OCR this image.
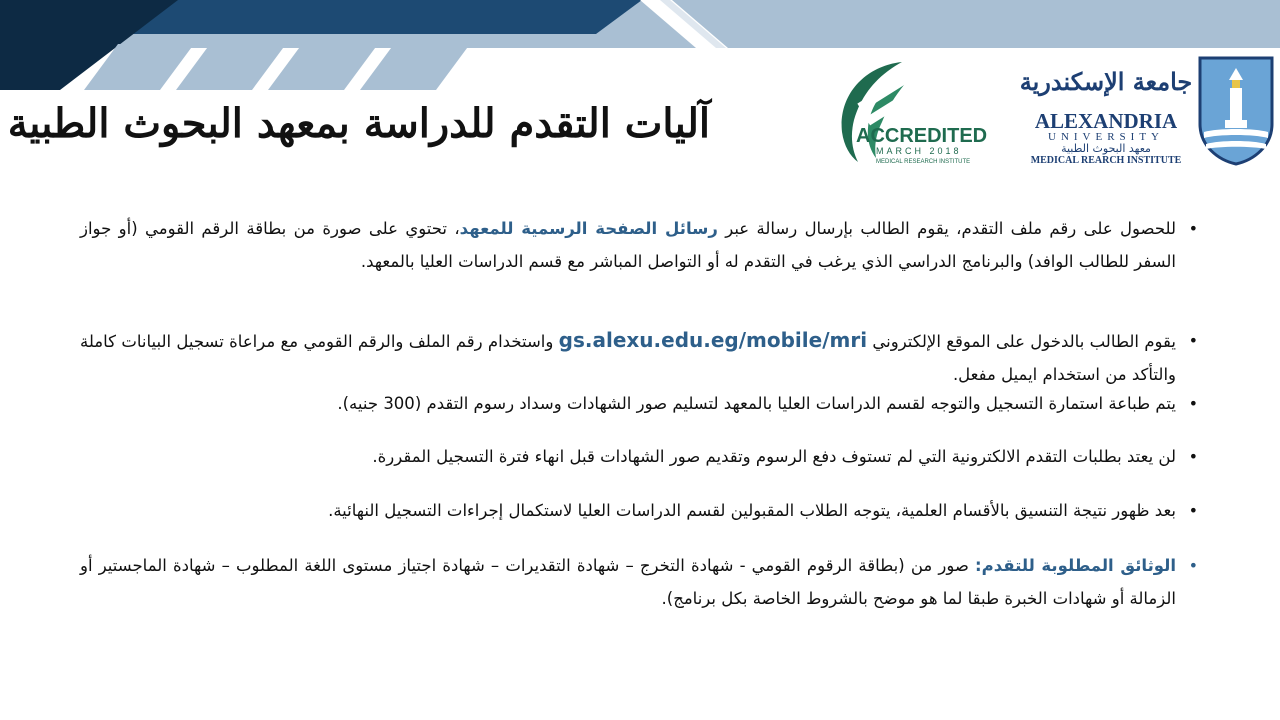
آليات التقدم للدراسة بمعهد البحوث الطبية	ACCREDITED
MARCH 2018
MEDICAL RESEARCH INSTITUTE
جامعة الإسكندرية
ALEXANDRIA
UNIVERSITY
معهد البحوث الطبية
MEDICAL REARCH INSTITUTE
•
للحصول على رقم ملف التقدم، يقوم الطالب بإرسال رسالة عبر رسائل الصفحة الرسمية للمعهد، تحتوي على صورة من بطاقة الرقم القومي (أو جواز السفر للطالب الوافد) والبرنامج الدراسي الذي يرغب في التقدم له أو التواصل المباشر مع قسم الدراسات العليا بالمعهد.
•
يقوم الطالب بالدخول على الموقع الإلكتروني gs.alexu.edu.eg/mobile/mri واستخدام رقم الملف والرقم القومي مع مراعاة تسجيل البيانات كاملة والتأكد من استخدام ايميل مفعل.
•
يتم طباعة استمارة التسجيل والتوجه لقسم الدراسات العليا بالمعهد لتسليم صور الشهادات وسداد رسوم التقدم (300 جنيه).
•
لن يعتد بطلبات التقدم الالكترونية التي لم تستوف دفع الرسوم وتقديم صور الشهادات قبل انهاء فترة التسجيل المقررة.
•
بعد ظهور نتيجة التنسيق بالأقسام العلمية، يتوجه الطلاب المقبولين لقسم الدراسات العليا لاستكمال إجراءات التسجيل النهائية.
•
الوثائق المطلوبة للتقدم: صور من (بطاقة الرقوم القومي - شهادة التخرج – شهادة التقديرات – شهادة اجتياز مستوى اللغة المطلوب – شهادة الماجستير أو الزمالة أو شهادات الخبرة طبقا لما هو موضح بالشروط الخاصة بكل برنامج).
